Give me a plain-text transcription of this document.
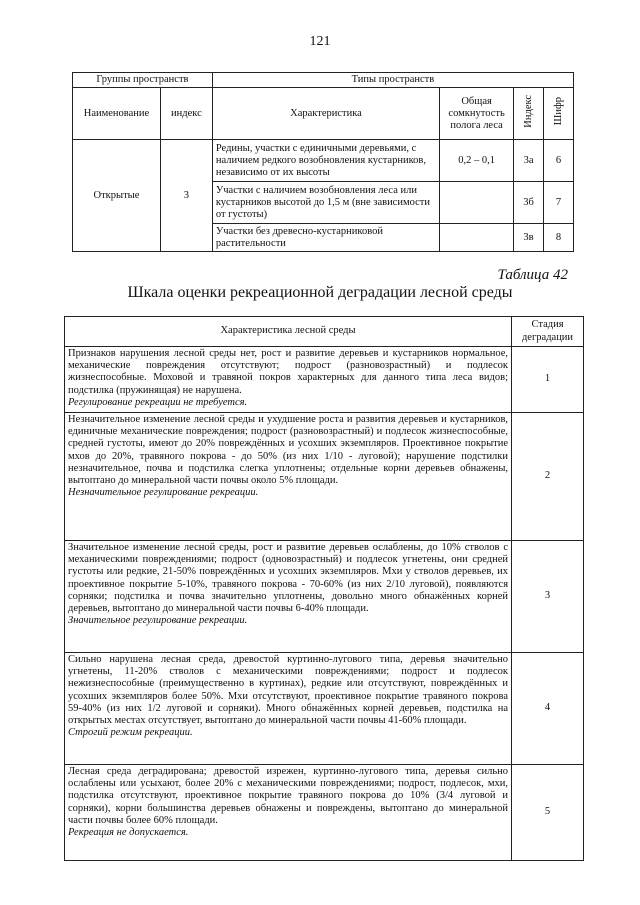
121
Группы пространств		Типы пространств			
Наименование	индекс	Характеристика	Общая сомкнутость полога леса	Индекс	Шифр
Открытые	3	Редины, участки с единичными деревьями, с наличием редкого возобновления кустарников, независимо от их высоты	0,2 – 0,1	3а	6
		Участки с наличием возобновления леса или кустарников высотой до 1,5 м (вне зависимости от густоты)		3б	7
		Участки без древесно-кустарниковой растительности		3в	8
Таблица 42
Шкала оценки рекреационной деградации лесной среды
Характеристика лесной среды	Стадия деградации
Признаков нарушения лесной среды нет, рост и развитие деревьев и кустарников нормальное, механические повреждения отсутствуют; подрост (разновозрастный) и подлесок жизнеспособные. Моховой и травяной покров характерных для данного типа леса видов; подстилка (пружинящая) не нарушена.
Регулирование рекреации не требуется.	1
Незначительное изменение лесной среды и ухудшение роста и развития деревьев и кустарников, единичные механические повреждения; подрост (разновозрастный) и подлесок жизнеспособные, средней густоты, имеют до 20% повреждённых и усохших экземпляров. Проективное покрытие мхов до 20%, травяного покрова - до 50% (из них 1/10 - луговой); нарушение подстилки незначительное, почва и подстилка слегка уплотнены; отдельные корни деревьев обнажены, вытоптано до минеральной части почвы около 5% площади.
Незначительное регулирование рекреации.	2
Значительное изменение лесной среды, рост и развитие деревьев ослаблены, до 10% стволов с механическими повреждениями; подрост (одновозрастный) и подлесок угнетены, они средней густоты или редкие, 21-50% повреждённых и усохших экземпляров. Мхи у стволов деревьев, их проективное покрытие 5-10%, травяного покрова - 70-60% (из них 2/10 луговой), появляются сорняки; подстилка и почва значительно уплотнены, довольно много обнажённых корней деревьев, вытоптано до минеральной части почвы 6-40% площади.
Значительное регулирование рекреации.	3
Сильно нарушена лесная среда, древостой куртинно-лугового типа, деревья значительно угнетены, 11-20% стволов с механическими повреждениями; подрост и подлесок нежизнеспособные (преимущественно в куртинах), редкие или отсутствуют, повреждённых и усохших экземпляров более 50%. Мхи отсутствуют, проективное покрытие травяного покрова 59-40% (из них 1/2 луговой и сорняки). Много обнажённых корней деревьев, подстилка на открытых местах отсутствует, вытоптано до минеральной части почвы 41-60% площади.
Строгий режим рекреации.	4
Лесная среда деградирована; древостой изрежен, куртинно-лугового типа, деревья сильно ослаблены или усыхают, более 20% с механическими повреждениями; подрост, подлесок, мхи, подстилка отсутствуют, проективное покрытие травяного покрова до 10% (3/4 луговой и сорняки), корни большинства деревьев обнажены и повреждены, вытоптано до минеральной части почвы более 60% площади.
Рекреация не допускается.	5
